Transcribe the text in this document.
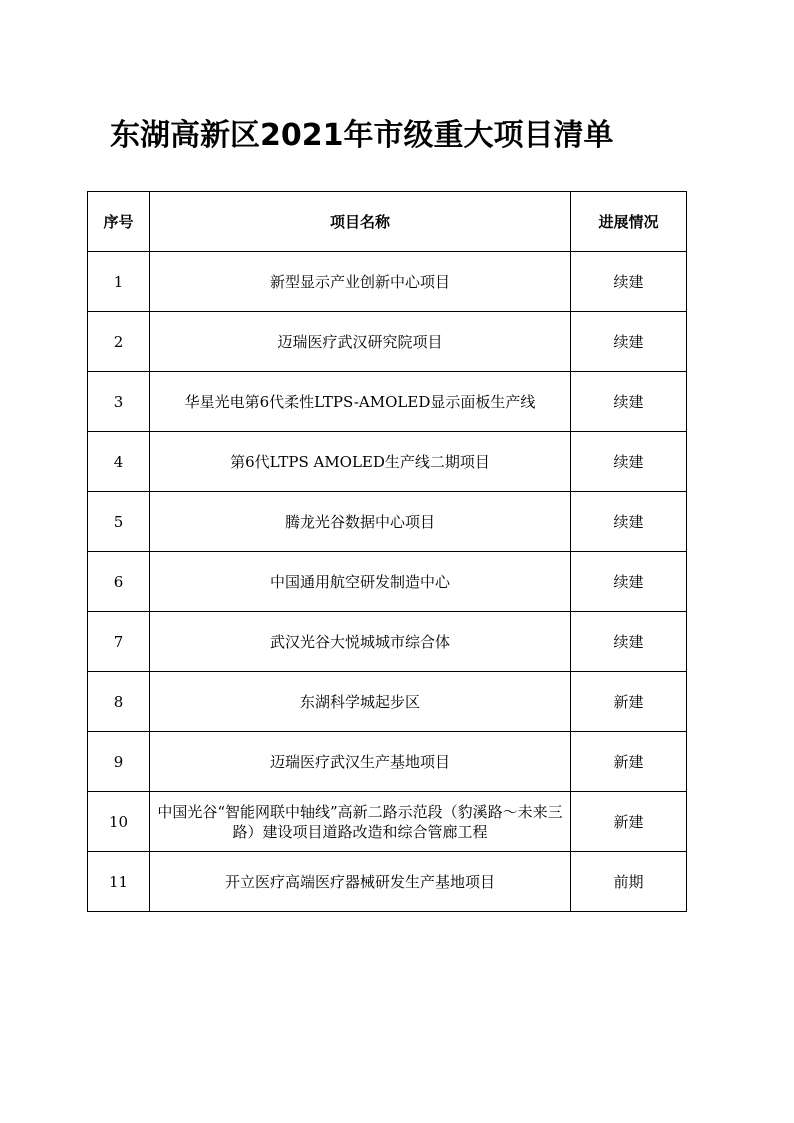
东湖高新区2021年市级重大项目清单
序号	项目名称	进展情况
1	新型显示产业创新中心项目	续建
2	迈瑞医疗武汉研究院项目	续建
3	华星光电第6代柔性LTPS-AMOLED显示面板生产线	续建
4	第6代LTPS AMOLED生产线二期项目	续建
5	腾龙光谷数据中心项目	续建
6	中国通用航空研发制造中心	续建
7	武汉光谷大悦城城市综合体	续建
8	东湖科学城起步区	新建
9	迈瑞医疗武汉生产基地项目	新建
10	中国光谷“智能网联中轴线”高新二路示范段（豹溪路～未来三路）建设项目道路改造和综合管廊工程	新建
11	开立医疗高端医疗器械研发生产基地项目	前期
